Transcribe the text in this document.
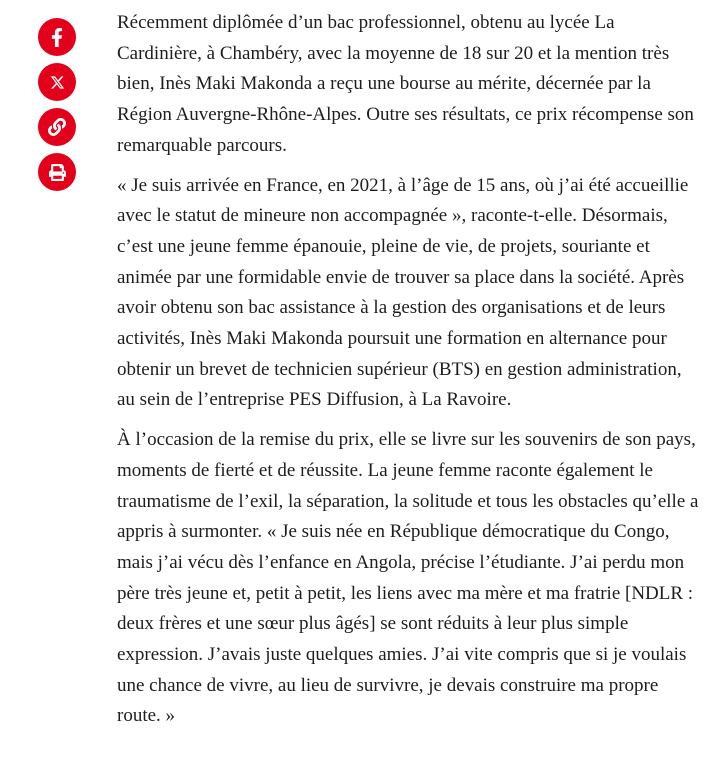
Récemment diplômée d’un bac professionnel, obtenu au lycée La Cardinière, à Chambéry, avec la moyenne de 18 sur 20 et la mention très bien, Inès Maki Makonda a reçu une bourse au mérite, décernée par la Région Auvergne-Rhône-Alpes. Outre ses résultats, ce prix récompense son remarquable parcours.

« Je suis arrivée en France, en 2021, à l’âge de 15 ans, où j’ai été accueillie avec le statut de mineure non accompagnée », raconte-t-elle. Désormais, c’est une jeune femme épanouie, pleine de vie, de projets, souriante et animée par une formidable envie de trouver sa place dans la société. Après avoir obtenu son bac assistance à la gestion des organisations et de leurs activités, Inès Maki Makonda poursuit une formation en alternance pour obtenir un brevet de technicien supérieur (BTS) en gestion administration, au sein de l’entreprise PES Diffusion, à La Ravoire.

À l’occasion de la remise du prix, elle se livre sur les souvenirs de son pays, moments de fierté et de réussite. La jeune femme raconte également le traumatisme de l’exil, la séparation, la solitude et tous les obstacles qu’elle a appris à surmonter. « Je suis née en République démocratique du Congo, mais j’ai vécu dès l’enfance en Angola, précise l’étudiante. J’ai perdu mon père très jeune et, petit à petit, les liens avec ma mère et ma fratrie [NDLR : deux frères et une sœur plus âgés] se sont réduits à leur plus simple expression. J’avais juste quelques amies. J’ai vite compris que si je voulais une chance de vivre, au lieu de survivre, je devais construire ma propre route. »
